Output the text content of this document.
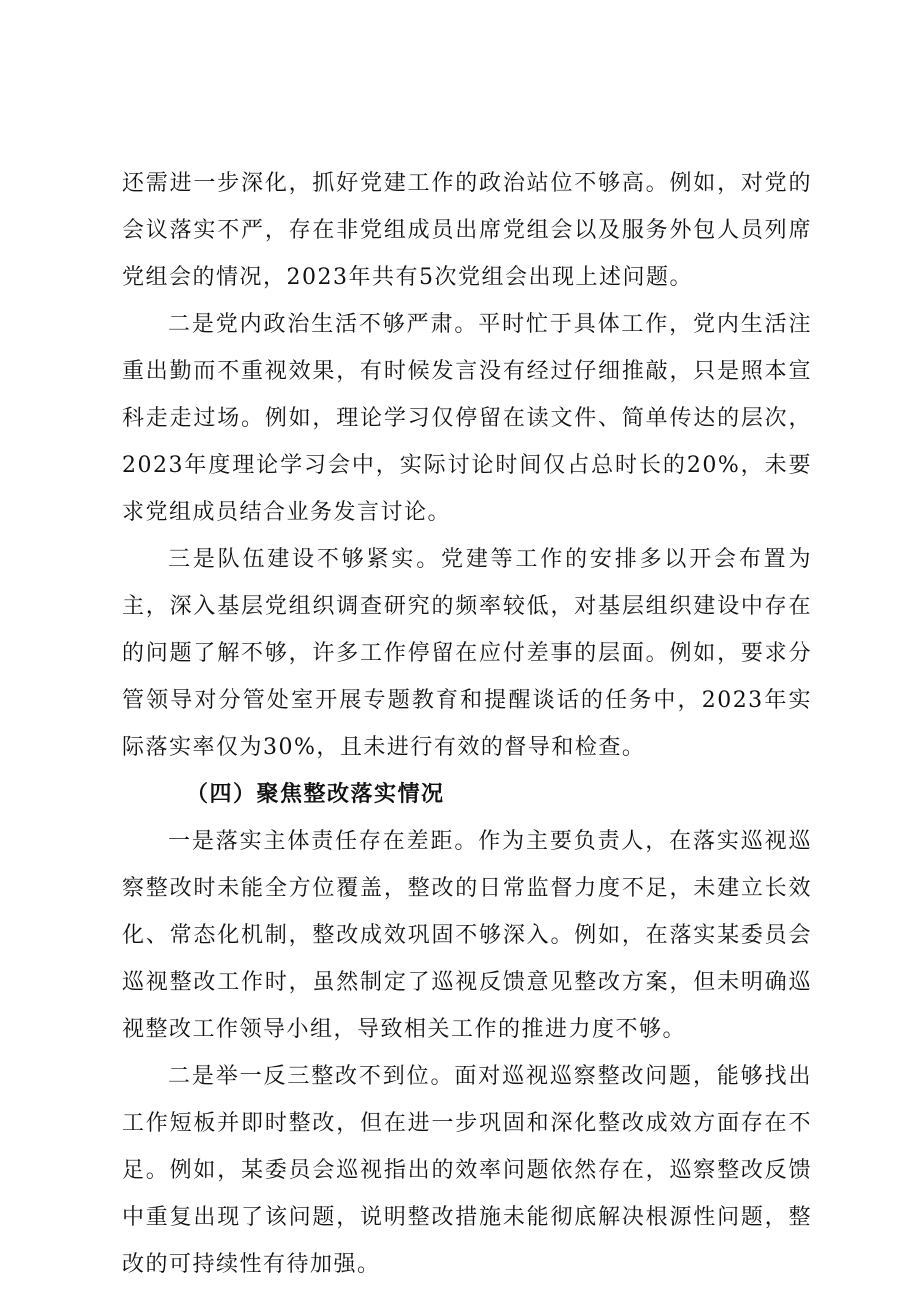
还需进一步深化，抓好党建工作的政治站位不够高。例如，对党的会议落实不严，存在非党组成员出席党组会以及服务外包人员列席党组会的情况，2023年共有5次党组会出现上述问题。

二是党内政治生活不够严肃。平时忙于具体工作，党内生活注重出勤而不重视效果，有时候发言没有经过仔细推敲，只是照本宣科走走过场。例如，理论学习仅停留在读文件、简单传达的层次，2023年度理论学习会中，实际讨论时间仅占总时长的20%，未要求党组成员结合业务发言讨论。

三是队伍建设不够紧实。党建等工作的安排多以开会布置为主，深入基层党组织调查研究的频率较低，对基层组织建设中存在的问题了解不够，许多工作停留在应付差事的层面。例如，要求分管领导对分管处室开展专题教育和提醒谈话的任务中，2023年实际落实率仅为30%，且未进行有效的督导和检查。

（四）聚焦整改落实情况

一是落实主体责任存在差距。作为主要负责人，在落实巡视巡察整改时未能全方位覆盖，整改的日常监督力度不足，未建立长效化、常态化机制，整改成效巩固不够深入。例如，在落实某委员会巡视整改工作时，虽然制定了巡视反馈意见整改方案，但未明确巡视整改工作领导小组，导致相关工作的推进力度不够。

二是举一反三整改不到位。面对巡视巡察整改问题，能够找出工作短板并即时整改，但在进一步巩固和深化整改成效方面存在不足。例如，某委员会巡视指出的效率问题依然存在，巡察整改反馈中重复出现了该问题，说明整改措施未能彻底解决根源性问题，整改的可持续性有待加强。
